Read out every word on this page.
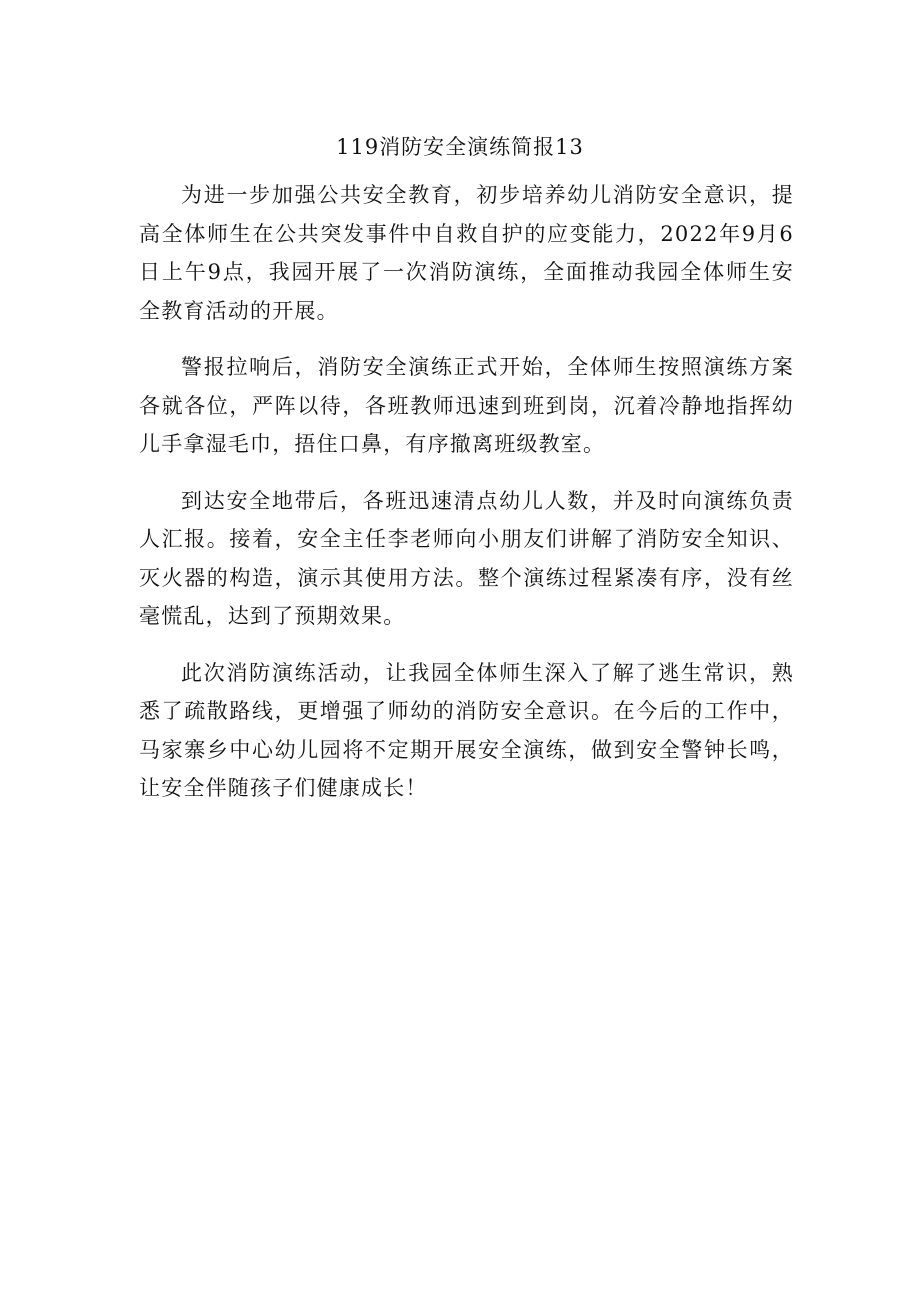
119消防安全演练简报13

为进一步加强公共安全教育，初步培养幼儿消防安全意识，提高全体师生在公共突发事件中自救自护的应变能力，2022年9月6日上午9点，我园开展了一次消防演练，全面推动我园全体师生安全教育活动的开展。

警报拉响后，消防安全演练正式开始，全体师生按照演练方案各就各位，严阵以待，各班教师迅速到班到岗，沉着冷静地指挥幼儿手拿湿毛巾，捂住口鼻，有序撤离班级教室。

到达安全地带后，各班迅速清点幼儿人数，并及时向演练负责人汇报。接着，安全主任李老师向小朋友们讲解了消防安全知识、灭火器的构造，演示其使用方法。整个演练过程紧凑有序，没有丝毫慌乱，达到了预期效果。

此次消防演练活动，让我园全体师生深入了解了逃生常识，熟悉了疏散路线，更增强了师幼的消防安全意识。在今后的工作中，马家寨乡中心幼儿园将不定期开展安全演练，做到安全警钟长鸣，让安全伴随孩子们健康成长！
